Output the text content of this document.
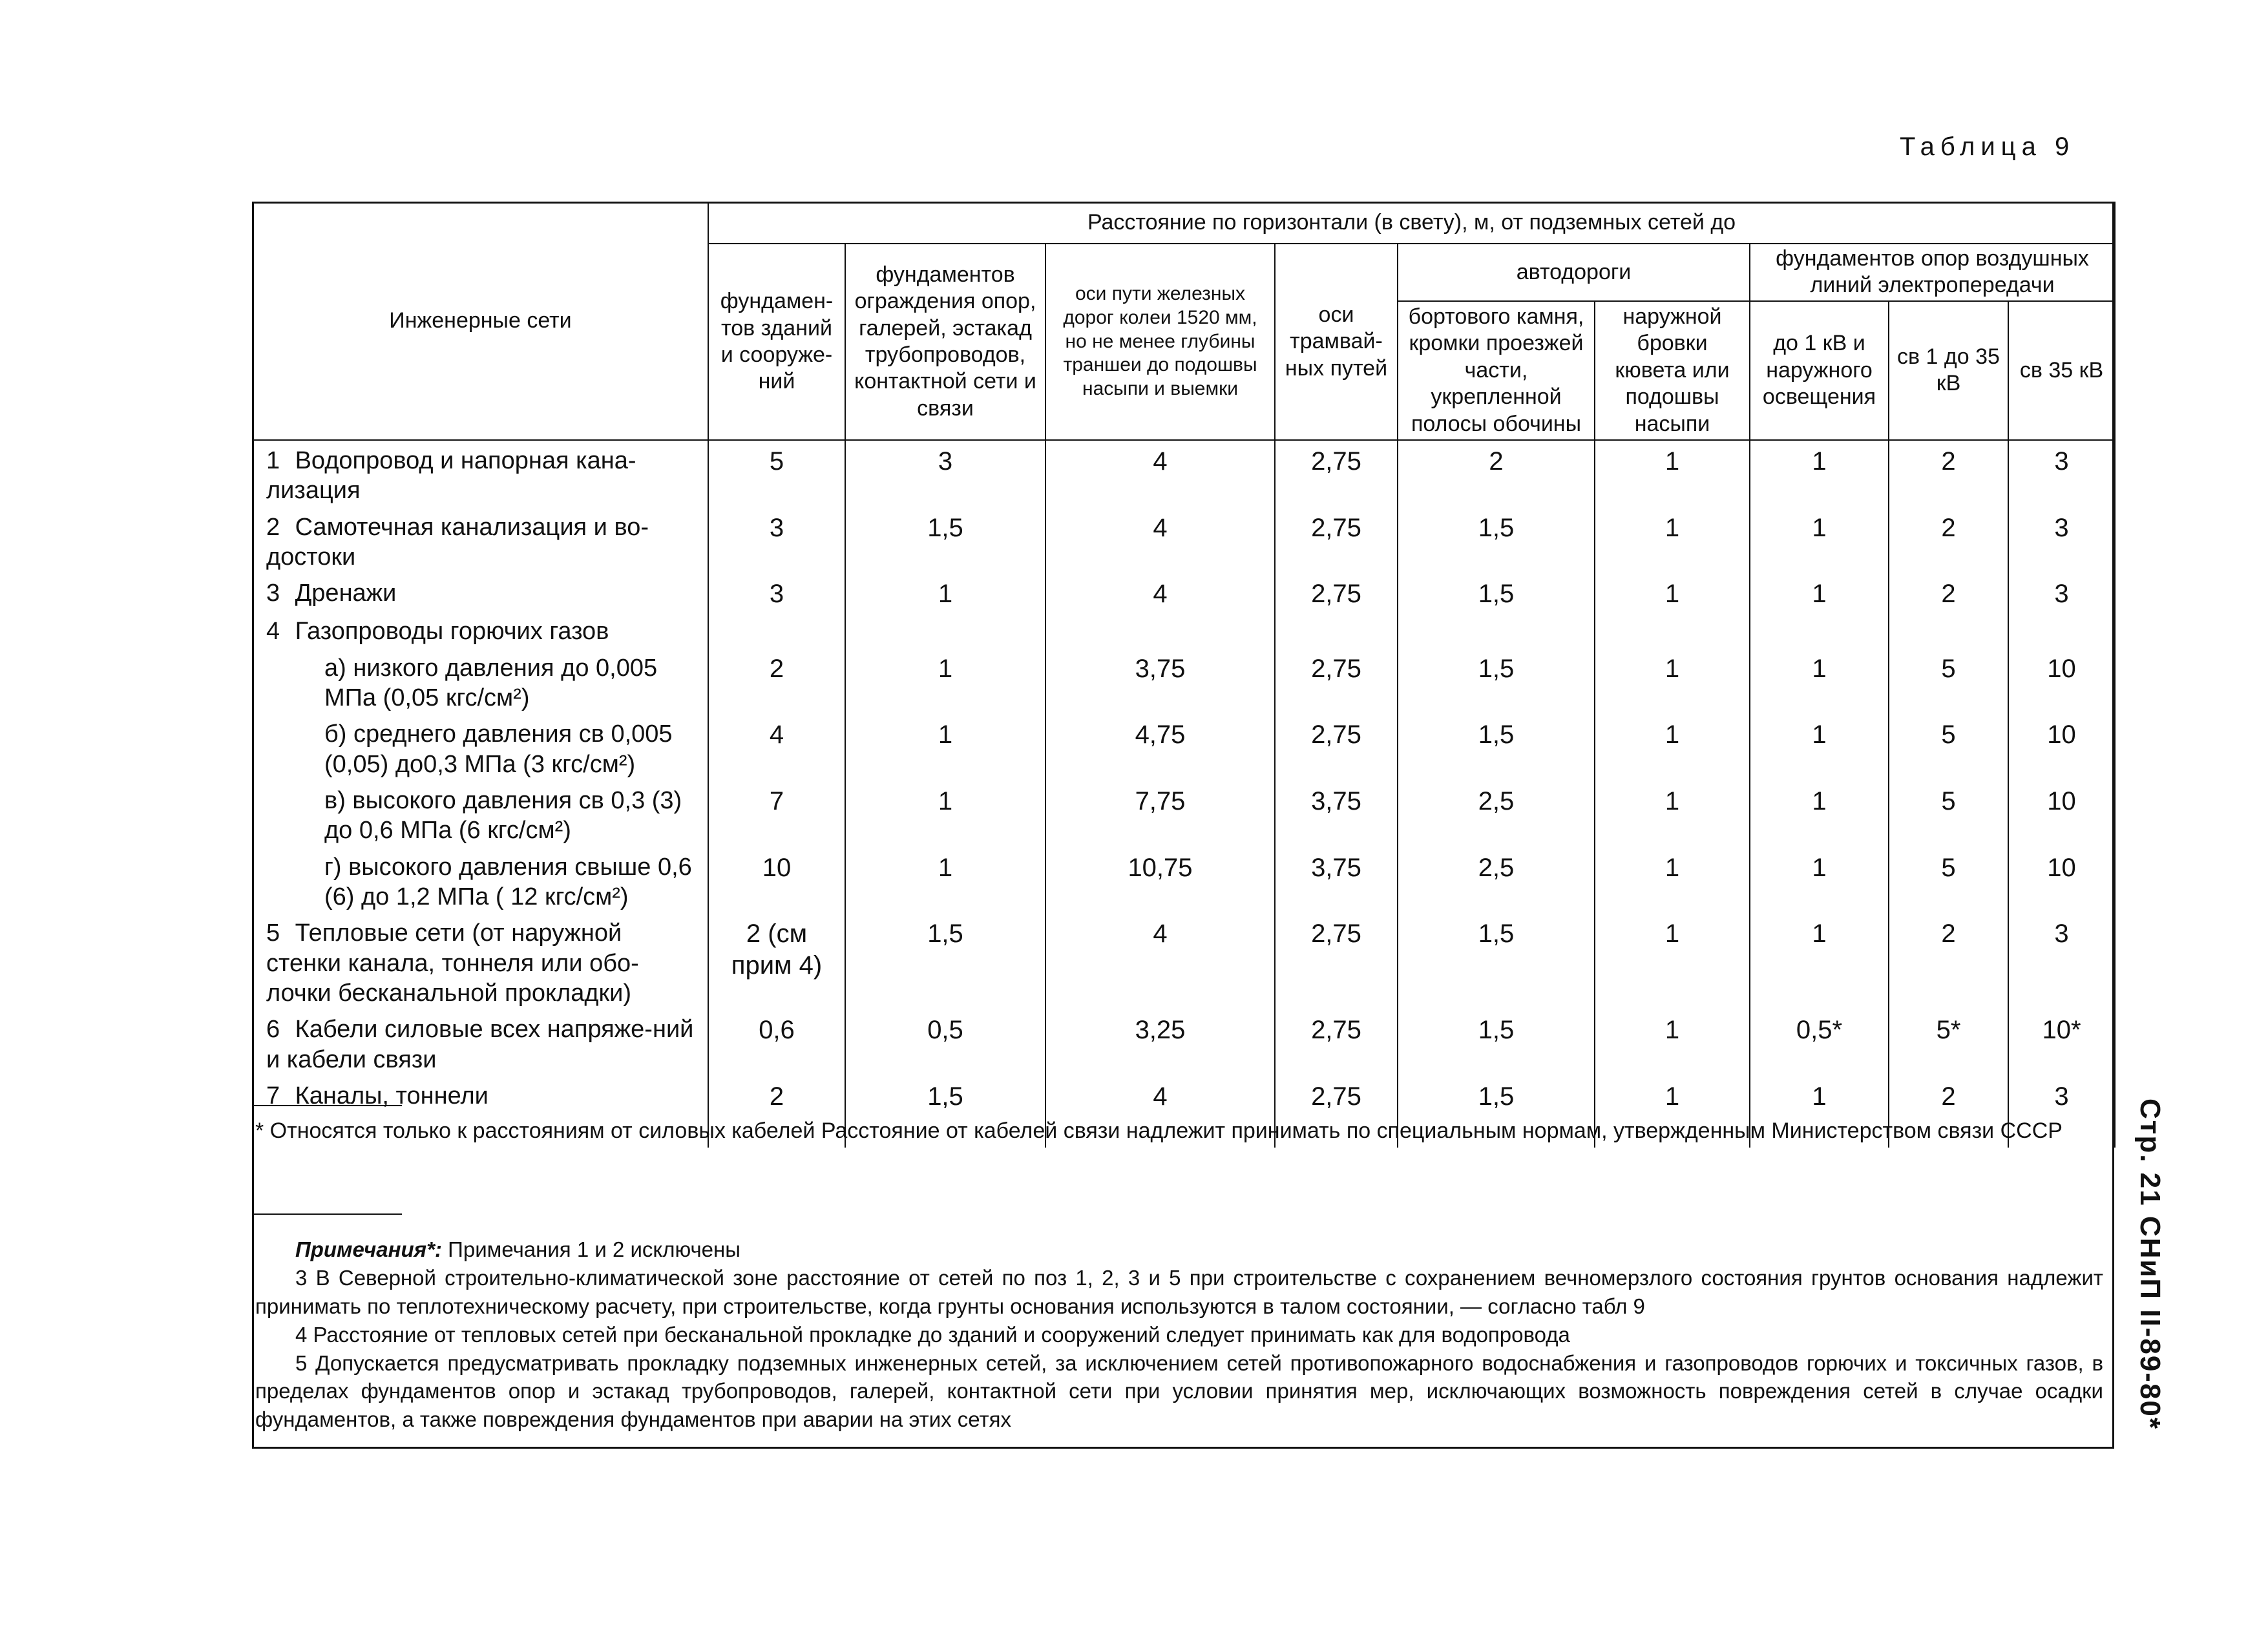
Таблица 9
Стр. 21 СНиП II-89-80*
Инженерные сети	Расстояние по горизонтали (в свету), м, от подземных сетей до								
	фундамен-тов зданий и сооруже-ний	фундаментов ограждения опор, галерей, эстакад трубопроводов, контактной сети и связи	оси пути железных дорог колеи 1520 мм, но не менее глубины траншеи до подошвы насыпи и выемки	оси трамвай-ных путей	автодороги		фундаментов опор воздушных линий электропередачи		
					бортового камня, кромки проезжей части, укрепленной полосы обочины	наружной бровки кювета или подошвы насыпи	до 1 кВ и наружного освещения	св 1 до 35 кВ	св 35 кВ
1 Водопровод и напорная кана-лизация	5	3	4	2,75	2	1	1	2	3
2 Самотечная канализация и во-достоки	3	1,5	4	2,75	1,5	1	1	2	3
3 Дренажи	3	1	4	2,75	1,5	1	1	2	3
4 Газопроводы горючих газов									
а) низкого давления до 0,005 МПа (0,05 кгс/см²)	2	1	3,75	2,75	1,5	1	1	5	10
б) среднего давления св 0,005 (0,05) до0,3 МПа (3 кгс/см²)	4	1	4,75	2,75	1,5	1	1	5	10
в) высокого давления св 0,3 (3) до 0,6 МПа (6 кгс/см²)	7	1	7,75	3,75	2,5	1	1	5	10
г) высокого давления свыше 0,6 (6) до 1,2 МПа ( 12 кгс/см²)	10	1	10,75	3,75	2,5	1	1	5	10
5 Тепловые сети (от наружной стенки канала, тоннеля или обо-лочки бесканальной прокладки)	2 (см прим 4)	1,5	4	2,75	1,5	1	1	2	3
6 Кабели силовые всех напряже-ний и кабели связи	0,6	0,5	3,25	2,75	1,5	1	0,5*	5*	10*
7 Каналы, тоннели	2	1,5	4	2,75	1,5	1	1	2	3

* Относятся только к расстояниям от силовых кабелей Расстояние от кабелей связи надлежит принимать по специальным нормам, утвержденным Министерством связи СССР

Примечания*: Примечания 1 и 2 исключены

3 В Северной строительно-климатической зоне расстояние от сетей по поз 1, 2, 3 и 5 при строительстве с сохранением вечномерзлого состояния грунтов основания надлежит принимать по теплотехническому расчету, при строительстве, когда грунты основания используются в талом состоянии, — согласно табл 9

4 Расстояние от тепловых сетей при бесканальной прокладке до зданий и сооружений следует принимать как для водопровода

5 Допускается предусматривать прокладку подземных инженерных сетей, за исключением сетей противопожарного водоснабжения и газопроводов горючих и токсичных газов, в пределах фундаментов опор и эстакад трубопроводов, галерей, контактной сети при условии принятия мер, исключающих возможность повреждения сетей в случае осадки фундаментов, а также повреждения фундаментов при аварии на этих сетях
